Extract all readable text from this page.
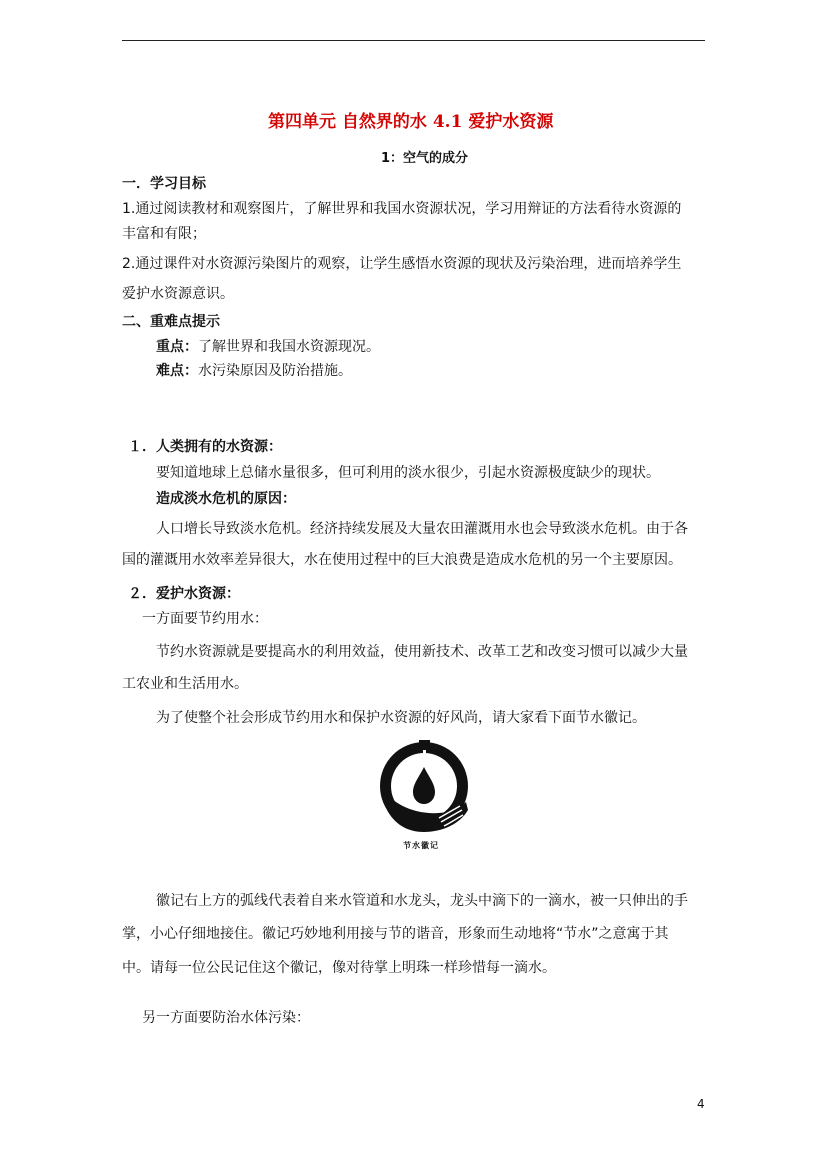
第四单元 自然界的水 4.1 爱护水资源
1：空气的成分
一．学习目标
1.通过阅读教材和观察图片，了解世界和我国水资源状况，学习用辩证的方法看待水资源的
丰富和有限；
2.通过课件对水资源污染图片的观察，让学生感悟水资源的现状及污染治理，进而培养学生
爱护水资源意识。
二、重难点提示
重点：了解世界和我国水资源现况。
难点：水污染原因及防治措施。
１．人类拥有的水资源：
要知道地球上总储水量很多，但可利用的淡水很少，引起水资源极度缺少的现状。
造成淡水危机的原因：
人口增长导致淡水危机。经济持续发展及大量农田灌溉用水也会导致淡水危机。由于各
国的灌溉用水效率差异很大，水在使用过程中的巨大浪费是造成水危机的另一个主要原因。
２．爱护水资源：
一方面要节约用水：
节约水资源就是要提高水的利用效益，使用新技术、改革工艺和改变习惯可以减少大量
工农业和生活用水。
为了使整个社会形成节约用水和保护水资源的好风尚，请大家看下面节水徽记。
节水徽记
徽记右上方的弧线代表着自来水管道和水龙头，龙头中滴下的一滴水，被一只伸出的手
掌，小心仔细地接住。徽记巧妙地利用接与节的谐音，形象而生动地将“节水”之意寓于其
中。请每一位公民记住这个徽记，像对待掌上明珠一样珍惜每一滴水。
另一方面要防治水体污染：
4
